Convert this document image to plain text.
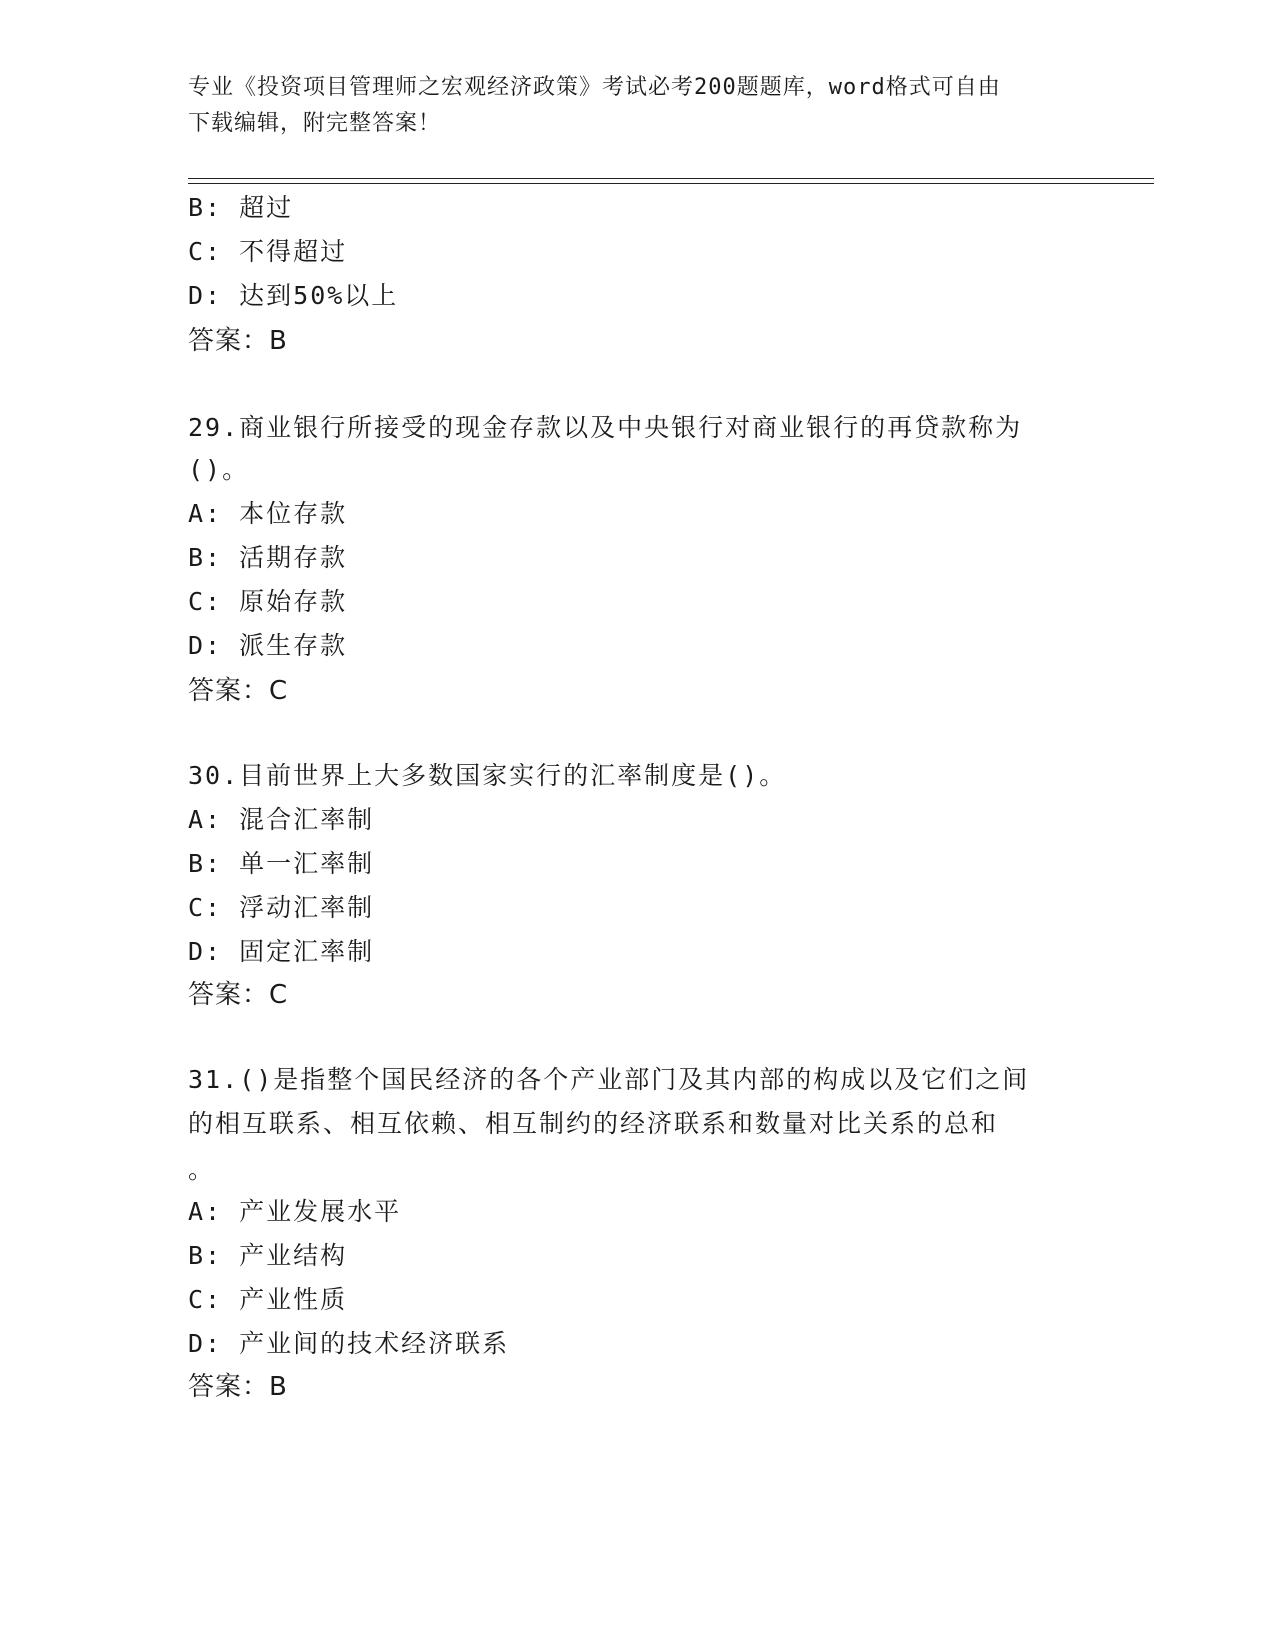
专业《投资项目管理师之宏观经济政策》考试必考200题题库，word格式可自由
下载编辑，附完整答案！
B: 超过
C: 不得超过
D: 达到50%以上
答案：B
29.商业银行所接受的现金存款以及中央银行对商业银行的再贷款称为
()。
A: 本位存款
B: 活期存款
C: 原始存款
D: 派生存款
答案：C
30.目前世界上大多数国家实行的汇率制度是()。
A: 混合汇率制
B: 单一汇率制
C: 浮动汇率制
D: 固定汇率制
答案：C
31.()是指整个国民经济的各个产业部门及其内部的构成以及它们之间
的相互联系、相互依赖、相互制约的经济联系和数量对比关系的总和
。
A: 产业发展水平
B: 产业结构
C: 产业性质
D: 产业间的技术经济联系
答案：B
